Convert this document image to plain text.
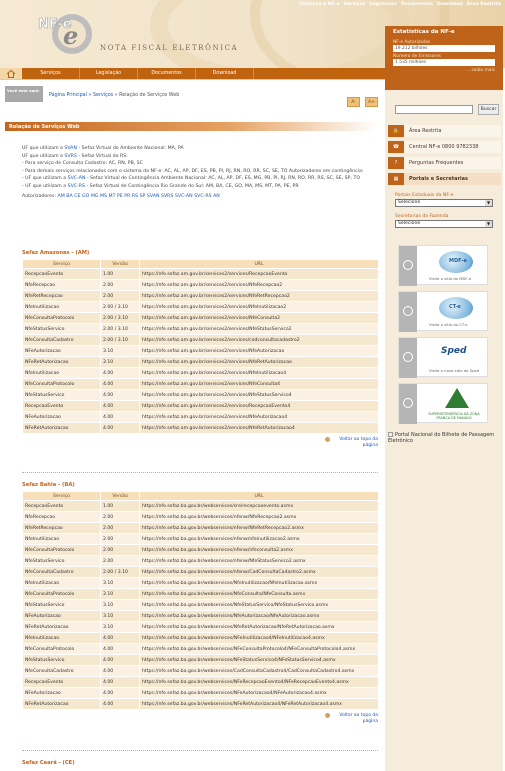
NF-e
e	NOTA FISCAL ELETRÔNICA
Conheça a NF-e Serviços Legislação Documentos Download Área Restrita
Serviços	Legislação	Documentos	Download
Você está aqui:
Página Principal » Serviços » Relação de Serviços Web
A-	A+
Relação de Serviços Web
UF que utilizam a SVAN - Sefaz Virtual do Ambiente Nacional: MA, PA
UF que utilizam a SVRS - Sefaz Virtual do RS:
- Para serviço de Consulta Cadastro: AC, RN, PB, SC
- Para demais serviços relacionados com o sistema da NF-e: AC, AL, AP, DF, ES, PB, PI, RJ, RN, RO, RR, SC, SE, TO Autorizadores em contingência:
- UF que utilizam a SVC-AN - Sefaz Virtual de Contingência Ambiente Nacional: AC, AL, AP, DF, ES, MG, PB, PI, RJ, RN, RO, RR, RS, SC, SE, SP, TO
- UF que utilizam a SVC-RS - Sefaz Virtual de Contingência Rio Grande do Sul: AM, BA, CE, GO, MA, MS, MT, PA, PE, PR
Autorizadores: AM BA CE GO MG MS MT PE PR RS SP SVAN SVRS SVC-AN SVC-RS AN
Sefaz Amazonas - (AM)
Serviço	Versão	URL
RecepcaoEvento	1.00	https://nfe.sefaz.am.gov.br/services2/services/RecepcaoEvento
NfeRecepcao	2.00	https://nfe.sefaz.am.gov.br/services2/services/NfeRecepcao2
NfeRetRecepcao	2.00	https://nfe.sefaz.am.gov.br/services2/services/NfeRetRecepcao2
NfeInutilizacao	2.00 / 3.10	https://nfe.sefaz.am.gov.br/services2/services/NfeInutilizacao2
NfeConsultaProtocolo	2.00 / 3.10	https://nfe.sefaz.am.gov.br/services2/services/NfeConsulta2
NfeStatusServico	2.00 / 3.10	https://nfe.sefaz.am.gov.br/services2/services/NfeStatusServico2
NfeConsultaCadastro	2.00 / 3.10	https://nfe.sefaz.am.gov.br/services2/services/cadconsultacadastro2
NFeAutorizacao	3.10	https://nfe.sefaz.am.gov.br/services2/services/NfeAutorizacao
NFeRetAutorizacao	3.10	https://nfe.sefaz.am.gov.br/services2/services/NfeRetAutorizacao
NfeInutilizacao	4.00	https://nfe.sefaz.am.gov.br/services2/services/NfeInutilizacao4
NfeConsultaProtocolo	4.00	https://nfe.sefaz.am.gov.br/services2/services/NfeConsulta4
NfeStatusServico	4.00	https://nfe.sefaz.am.gov.br/services2/services/NfeStatusServico4
RecepcaoEvento	4.00	https://nfe.sefaz.am.gov.br/services2/services/RecepcaoEvento4
NFeAutorizacao	4.00	https://nfe.sefaz.am.gov.br/services2/services/NfeAutorizacao4
NFeRetAutorizacao	4.00	https://nfe.sefaz.am.gov.br/services2/services/NfeRetAutorizacao4
Voltar ao topo da página
Sefaz Bahia - (BA)
Serviço	Versão	URL
RecepcaoEvento	1.00	https://nfe.sefaz.ba.gov.br/webservices/sre/recepcaoevento.asmx
NfeRecepcao	2.00	https://nfe.sefaz.ba.gov.br/webservices/nfenw/NfeRecepcao2.asmx
NfeRetRecepcao	2.00	https://nfe.sefaz.ba.gov.br/webservices/nfenw/NfeRetRecepcao2.asmx
NfeInutilizacao	2.00	https://nfe.sefaz.ba.gov.br/webservices/nfenw/nfeinutilizacao2.asmx
NfeConsultaProtocolo	2.00	https://nfe.sefaz.ba.gov.br/webservices/nfenw/nfeconsulta2.asmx
NfeStatusServico	2.00	https://nfe.sefaz.ba.gov.br/webservices/nfenw/NfeStatusServico2.asmx
NfeConsultaCadastro	2.00 / 3.10	https://nfe.sefaz.ba.gov.br/webservices/nfenw/CadConsultaCadastro2.asmx
NfeInutilizacao	3.10	https://nfe.sefaz.ba.gov.br/webservices/NfeInutilizacao/NfeInutilizacao.asmx
NfeConsultaProtocolo	3.10	https://nfe.sefaz.ba.gov.br/webservices/NfeConsulta/NfeConsulta.asmx
NfeStatusServico	3.10	https://nfe.sefaz.ba.gov.br/webservices/NfeStatusServico/NfeStatusServico.asmx
NFeAutorizacao	3.10	https://nfe.sefaz.ba.gov.br/webservices/NfeAutorizacao/NfeAutorizacao.asmx
NFeRetAutorizacao	3.10	https://nfe.sefaz.ba.gov.br/webservices/NfeRetAutorizacao/NfeRetAutorizacao.asmx
NfeInutilizacao	4.00	https://nfe.sefaz.ba.gov.br/webservices/NFeInutilizacao4/NFeInutilizacao4.asmx
NfeConsultaProtocolo	4.00	https://nfe.sefaz.ba.gov.br/webservices/NFeConsultaProtocolo4/NFeConsultaProtocolo4.asmx
NfeStatusServico	4.00	https://nfe.sefaz.ba.gov.br/webservices/NFeStatusServico4/NFeStatusServico4.asmx
NfeConsultaCadastro	4.00	https://nfe.sefaz.ba.gov.br/webservices/CadConsultaCadastro4/CadConsultaCadastro4.asmx
RecepcaoEvento	4.00	https://nfe.sefaz.ba.gov.br/webservices/NFeRecepcaoEvento4/NFeRecepcaoEvento4.asmx
NFeAutorizacao	4.00	https://nfe.sefaz.ba.gov.br/webservices/NFeAutorizacao4/NFeAutorizacao4.asmx
NFeRetAutorizacao	4.00	https://nfe.sefaz.ba.gov.br/webservices/NFeRetAutorizacao4/NFeRetAutorizacao4.asmx
Voltar ao topo da página
Sefaz Ceará - (CE)
Estatísticas da NF-e
NF-e Autorizadas
19.212 bilhões
Número de Emissores
1.535 milhões
... saiba mais
Buscar
🔒 Área Restrita
☎ Central NF-e 0800 9782338
?	Perguntas Frequentes
▦	Portais e Secretarias
Portais Estaduais da NF-e
Selecione	▼
Secretarias da Fazenda
Selecione	▼
MDF-e
Visite o sítio do MDF-e
CT-e
Visite o sítio do CT-e
Sped
Visite o novo sítio do Sped
SUPERINTENDÊNCIA DA ZONA FRANCA DE MANAUS
Portal Nacional do Bilhete de Passagem Eletrônico
